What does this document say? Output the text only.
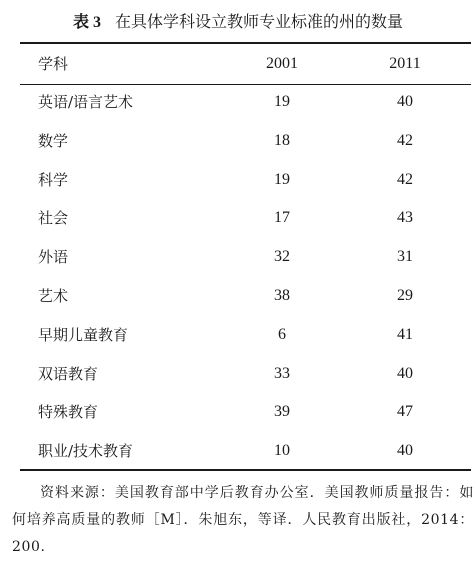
表 3 在具体学科设立教师专业标准的州的数量
学科	2001	2011
英语/语言艺术	19	40
数学	18	42
科学	19	42
社会	17	43
外语	32	31
艺术	38	29
早期儿童教育	6	41
双语教育	33	40
特殊教育	39	47
职业/技术教育	10	40
资料来源：美国教育部中学后教育办公室．美国教师质量报告：如何培养高质量的教师［M］．朱旭东，等译．人民教育出版社，2014：200.
